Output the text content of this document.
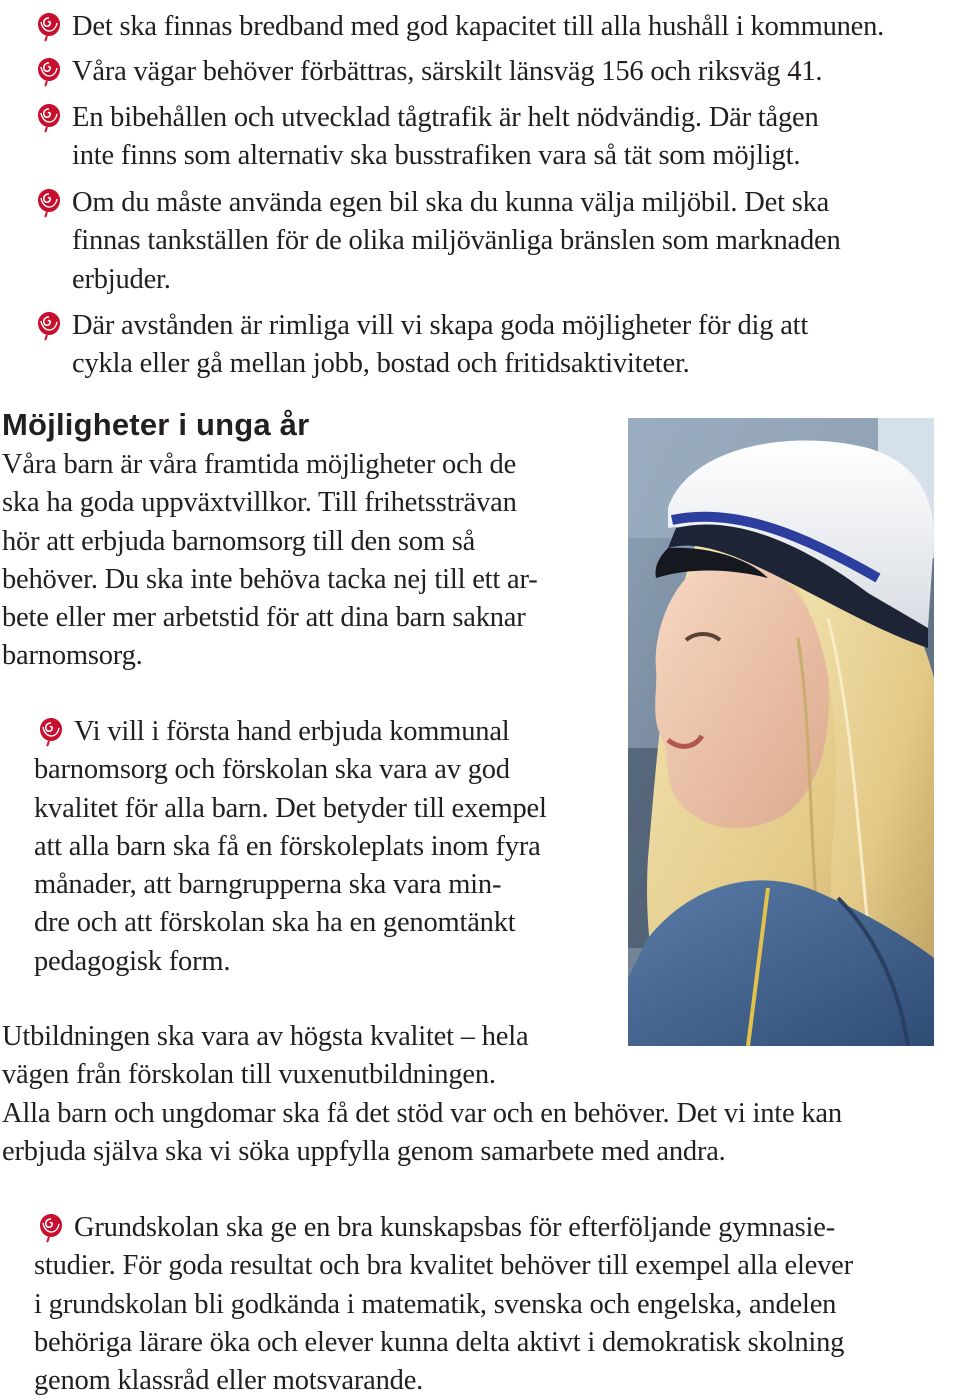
Det ska finnas bredband med god kapacitet till alla hushåll i kommunen.

Våra vägar behöver förbättras, särskilt länsväg 156 och riksväg 41.

En bibehållen och utvecklad tågtrafik är helt nödvändig. Där tågen

inte finns som alternativ ska busstrafiken vara så tät som möjligt.

Om du måste använda egen bil ska du kunna välja miljöbil. Det ska

finnas tankställen för de olika miljövänliga bränslen som marknaden

erbjuder.

Där avstånden är rimliga vill vi skapa goda möjligheter för dig att

cykla eller gå mellan jobb, bostad och fritidsaktiviteter.

Möjligheter i unga år
Våra barn är våra framtida möjligheter och de
ska ha goda uppväxtvillkor. Till frihetssträvan
hör att erbjuda barnomsorg till den som så
behöver. Du ska inte behöva tacka nej till ett ar-
bete eller mer arbetstid för att dina barn saknar
barnomsorg.
Vi vill i första hand erbjuda kommunal
barnomsorg och förskolan ska vara av god
kvalitet för alla barn. Det betyder till exempel
att alla barn ska få en förskoleplats inom fyra
månader, att barngrupperna ska vara min-
dre och att förskolan ska ha en genomtänkt
pedagogisk form.
Utbildningen ska vara av högsta kvalitet – hela
vägen från förskolan till vuxenutbildningen.
Alla barn och ungdomar ska få det stöd var och en behöver. Det vi inte kan
erbjuda själva ska vi söka uppfylla genom samarbete med andra.
Grundskolan ska ge en bra kunskapsbas för efterföljande gymnasie-
studier. För goda resultat och bra kvalitet behöver till exempel alla elever
i grundskolan bli godkända i matematik, svenska och engelska, andelen
behöriga lärare öka och elever kunna delta aktivt i demokratisk skolning
genom klassråd eller motsvarande.
